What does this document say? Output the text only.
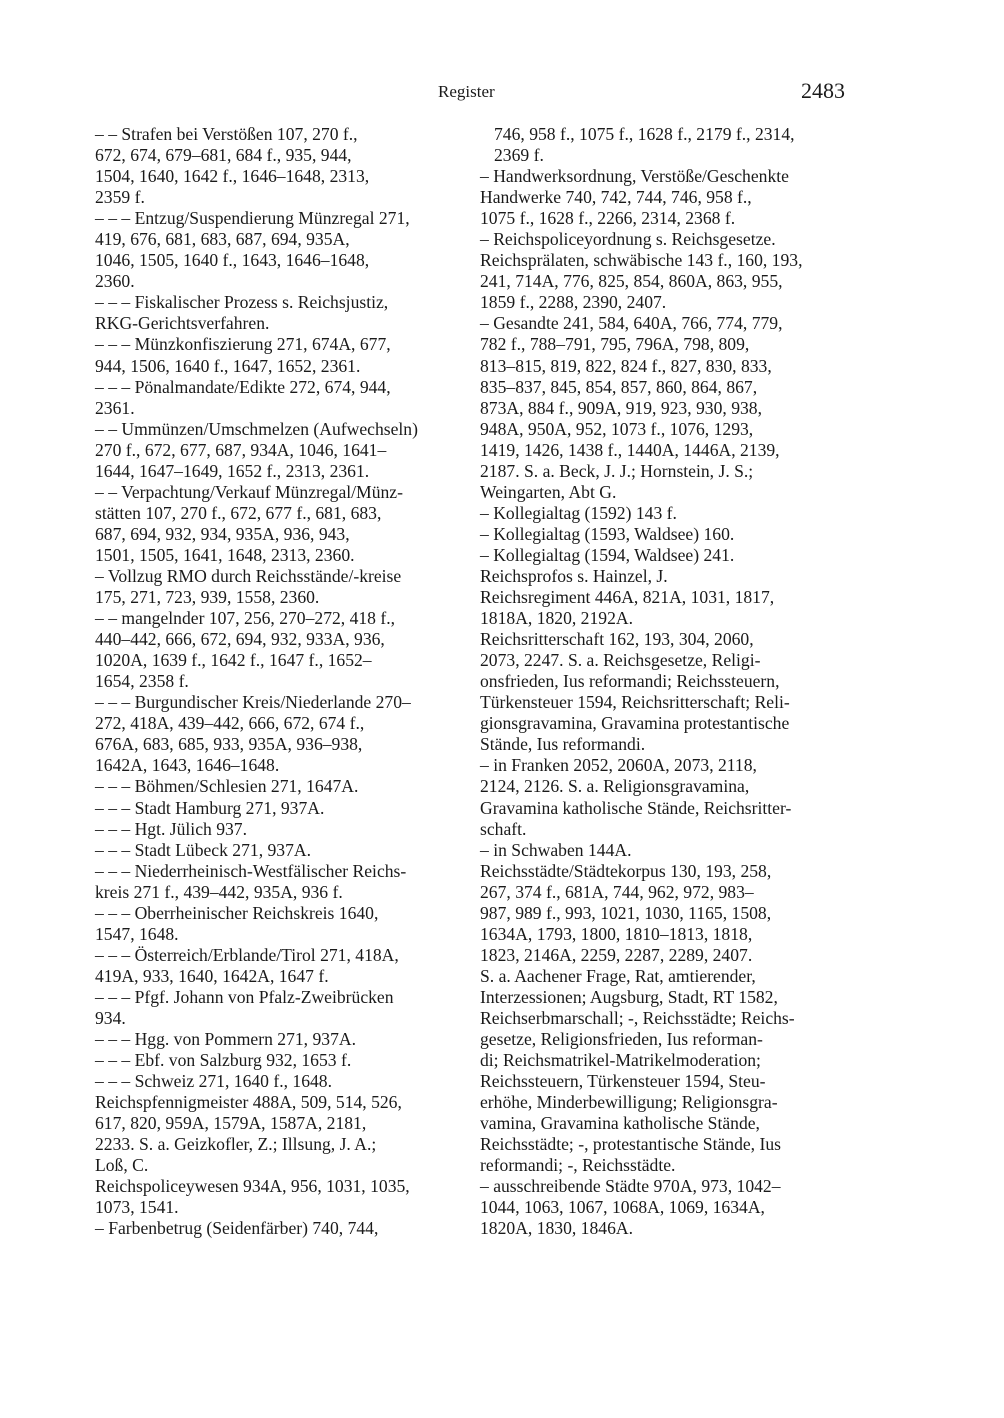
Register	2483
– – Strafen bei Verstößen 107, 270 f.,
672, 674, 679–681, 684 f., 935, 944,
1504, 1640, 1642 f., 1646–1648, 2313,
2359 f.
– – – Entzug/Suspendierung Münzregal 271,
419, 676, 681, 683, 687, 694, 935A,
1046, 1505, 1640 f., 1643, 1646–1648,
2360.
– – – Fiskalischer Prozess s. Reichsjustiz,
RKG-Gerichtsverfahren.
– – – Münzkonfiszierung 271, 674A, 677,
944, 1506, 1640 f., 1647, 1652, 2361.
– – – Pönalmandate/Edikte 272, 674, 944,
2361.
– – Ummünzen/Umschmelzen (Aufwechseln)
270 f., 672, 677, 687, 934A, 1046, 1641–
1644, 1647–1649, 1652 f., 2313, 2361.
– – Verpachtung/Verkauf Münzregal/Münz-
stätten 107, 270 f., 672, 677 f., 681, 683,
687, 694, 932, 934, 935A, 936, 943,
1501, 1505, 1641, 1648, 2313, 2360.
– Vollzug RMO durch Reichsstände/-kreise
175, 271, 723, 939, 1558, 2360.
– – mangelnder 107, 256, 270–272, 418 f.,
440–442, 666, 672, 694, 932, 933A, 936,
1020A, 1639 f., 1642 f., 1647 f., 1652–
1654, 2358 f.
– – – Burgundischer Kreis/Niederlande 270–
272, 418A, 439–442, 666, 672, 674 f.,
676A, 683, 685, 933, 935A, 936–938,
1642A, 1643, 1646–1648.
– – – Böhmen/Schlesien 271, 1647A.
– – – Stadt Hamburg 271, 937A.
– – – Hgt. Jülich 937.
– – – Stadt Lübeck 271, 937A.
– – – Niederrheinisch-Westfälischer Reichs-
kreis 271 f., 439–442, 935A, 936 f.
– – – Oberrheinischer Reichskreis 1640,
1547, 1648.
– – – Österreich/Erblande/Tirol 271, 418A,
419A, 933, 1640, 1642A, 1647 f.
– – – Pfgf. Johann von Pfalz-Zweibrücken
934.
– – – Hgg. von Pommern 271, 937A.
– – – Ebf. von Salzburg 932, 1653 f.
– – – Schweiz 271, 1640 f., 1648.
Reichspfennigmeister 488A, 509, 514, 526,
617, 820, 959A, 1579A, 1587A, 2181,
2233. S. a. Geizkofler, Z.; Illsung, J. A.;
Loß, C.
Reichspoliceywesen 934A, 956, 1031, 1035,
1073, 1541.
– Farbenbetrug (Seidenfärber) 740, 744,
746, 958 f., 1075 f., 1628 f., 2179 f., 2314,
2369 f.
– Handwerksordnung, Verstöße/Geschenkte
Handwerke 740, 742, 744, 746, 958 f.,
1075 f., 1628 f., 2266, 2314, 2368 f.
– Reichspoliceyordnung s. Reichsgesetze.
Reichsprälaten, schwäbische 143 f., 160, 193,
241, 714A, 776, 825, 854, 860A, 863, 955,
1859 f., 2288, 2390, 2407.
– Gesandte 241, 584, 640A, 766, 774, 779,
782 f., 788–791, 795, 796A, 798, 809,
813–815, 819, 822, 824 f., 827, 830, 833,
835–837, 845, 854, 857, 860, 864, 867,
873A, 884 f., 909A, 919, 923, 930, 938,
948A, 950A, 952, 1073 f., 1076, 1293,
1419, 1426, 1438 f., 1440A, 1446A, 2139,
2187. S. a. Beck, J. J.; Hornstein, J. S.;
Weingarten, Abt G.
– Kollegialtag (1592) 143 f.
– Kollegialtag (1593, Waldsee) 160.
– Kollegialtag (1594, Waldsee) 241.
Reichsprofos s. Hainzel, J.
Reichsregiment 446A, 821A, 1031, 1817,
1818A, 1820, 2192A.
Reichsritterschaft 162, 193, 304, 2060,
2073, 2247. S. a. Reichsgesetze, Religi-
onsfrieden, Ius reformandi; Reichssteuern,
Türkensteuer 1594, Reichsritterschaft; Reli-
gionsgravamina, Gravamina protestantische
Stände, Ius reformandi.
– in Franken 2052, 2060A, 2073, 2118,
2124, 2126. S. a. Religionsgravamina,
Gravamina katholische Stände, Reichsritter-
schaft.
– in Schwaben 144A.
Reichsstädte/Städtekorpus 130, 193, 258,
267, 374 f., 681A, 744, 962, 972, 983–
987, 989 f., 993, 1021, 1030, 1165, 1508,
1634A, 1793, 1800, 1810–1813, 1818,
1823, 2146A, 2259, 2287, 2289, 2407.
S. a. Aachener Frage, Rat, amtierender,
Interzessionen; Augsburg, Stadt, RT 1582,
Reichserbmarschall; -, Reichsstädte; Reichs-
gesetze, Religionsfrieden, Ius reforman-
di; Reichsmatrikel-Matrikelmoderation;
Reichssteuern, Türkensteuer 1594, Steu-
erhöhe, Minderbewilligung; Religionsgra-
vamina, Gravamina katholische Stände,
Reichsstädte; -, protestantische Stände, Ius
reformandi; -, Reichsstädte.
– ausschreibende Städte 970A, 973, 1042–
1044, 1063, 1067, 1068A, 1069, 1634A,
1820A, 1830, 1846A.
